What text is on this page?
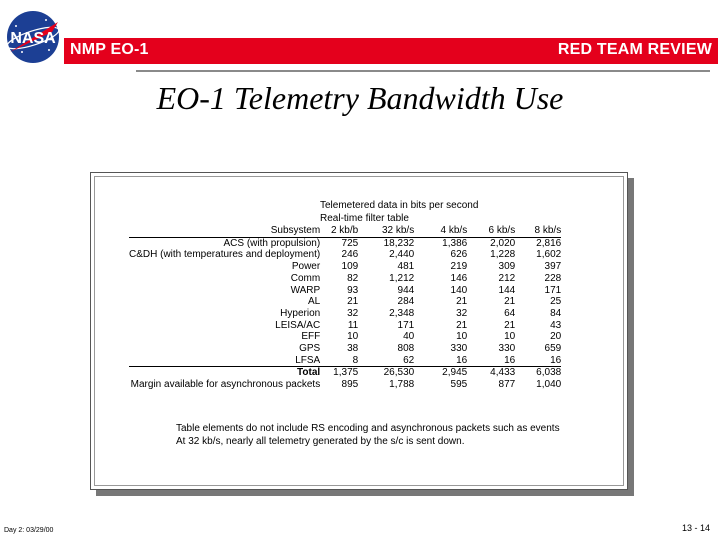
NASA
NMP EO-1	RED TEAM REVIEW
EO-1 Telemetry Bandwidth Use
Telemetered data in bits per second
Real-time filter table
Subsystem	2 kb/b	32 kb/s	4 kb/s	6 kb/s	8 kb/s
ACS (with propulsion)	725	18,232	1,386	2,020	2,816
C&DH (with temperatures and deployment)	246	2,440	626	1,228	1,602
Power	109	481	219	309	397
Comm	82	1,212	146	212	228
WARP	93	944	140	144	171
AL	21	284	21	21	25
Hyperion	32	2,348	32	64	84
LEISA/AC	11	171	21	21	43
EFF	10	40	10	10	20
GPS	38	808	330	330	659
LFSA	8	62	16	16	16
Total	1,375	26,530	2,945	4,433	6,038
Margin available for asynchronous packets	895	1,788	595	877	1,040
Table elements do not include RS encoding and asynchronous packets such as events
At 32 kb/s, nearly all telemetry generated by the s/c is sent down.
Day 2: 03/29/00	13 - 14
